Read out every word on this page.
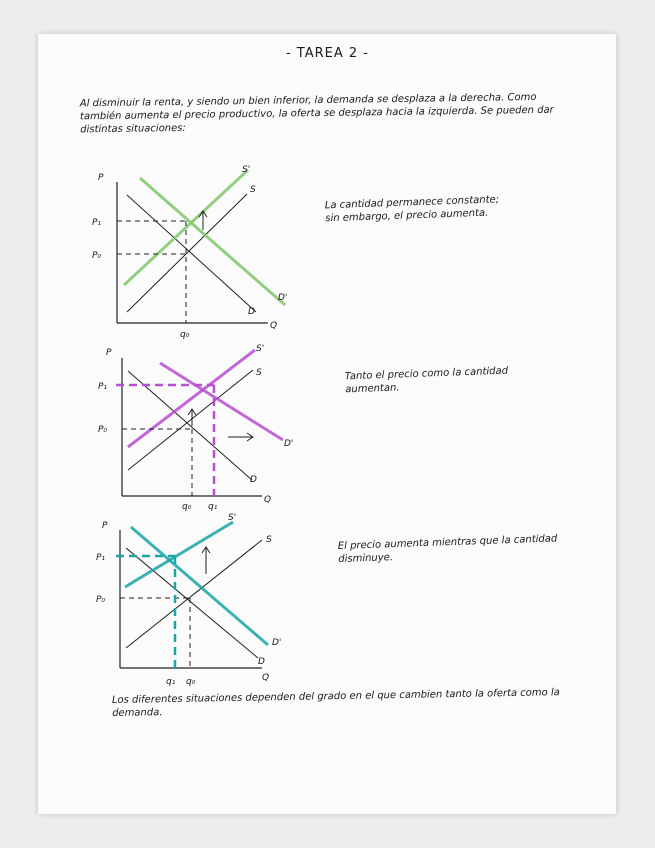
- TAREA 2 -
Al disminuir la renta, y siendo un bien inferior, la demanda se desplaza a la derecha. Como también aumenta el precio productivo, la oferta se desplaza hacia la izquierda. Se pueden dar distintas situaciones:
P
Q
P₀
P₁
q₀
S
S'
D
D'
La cantidad permanece constante; sin embargo, el precio aumenta.
P
Q
P₀
P₁
q₀ q₁
S
S'
D
D'
Tanto el precio como la cantidad aumentan.
P
Q
P₀
P₁
q₀
q₁
S
S'
D
D'
El precio aumenta mientras que la cantidad disminuye.
Los diferentes situaciones dependen del grado en el que cambien tanto la oferta como la demanda.
